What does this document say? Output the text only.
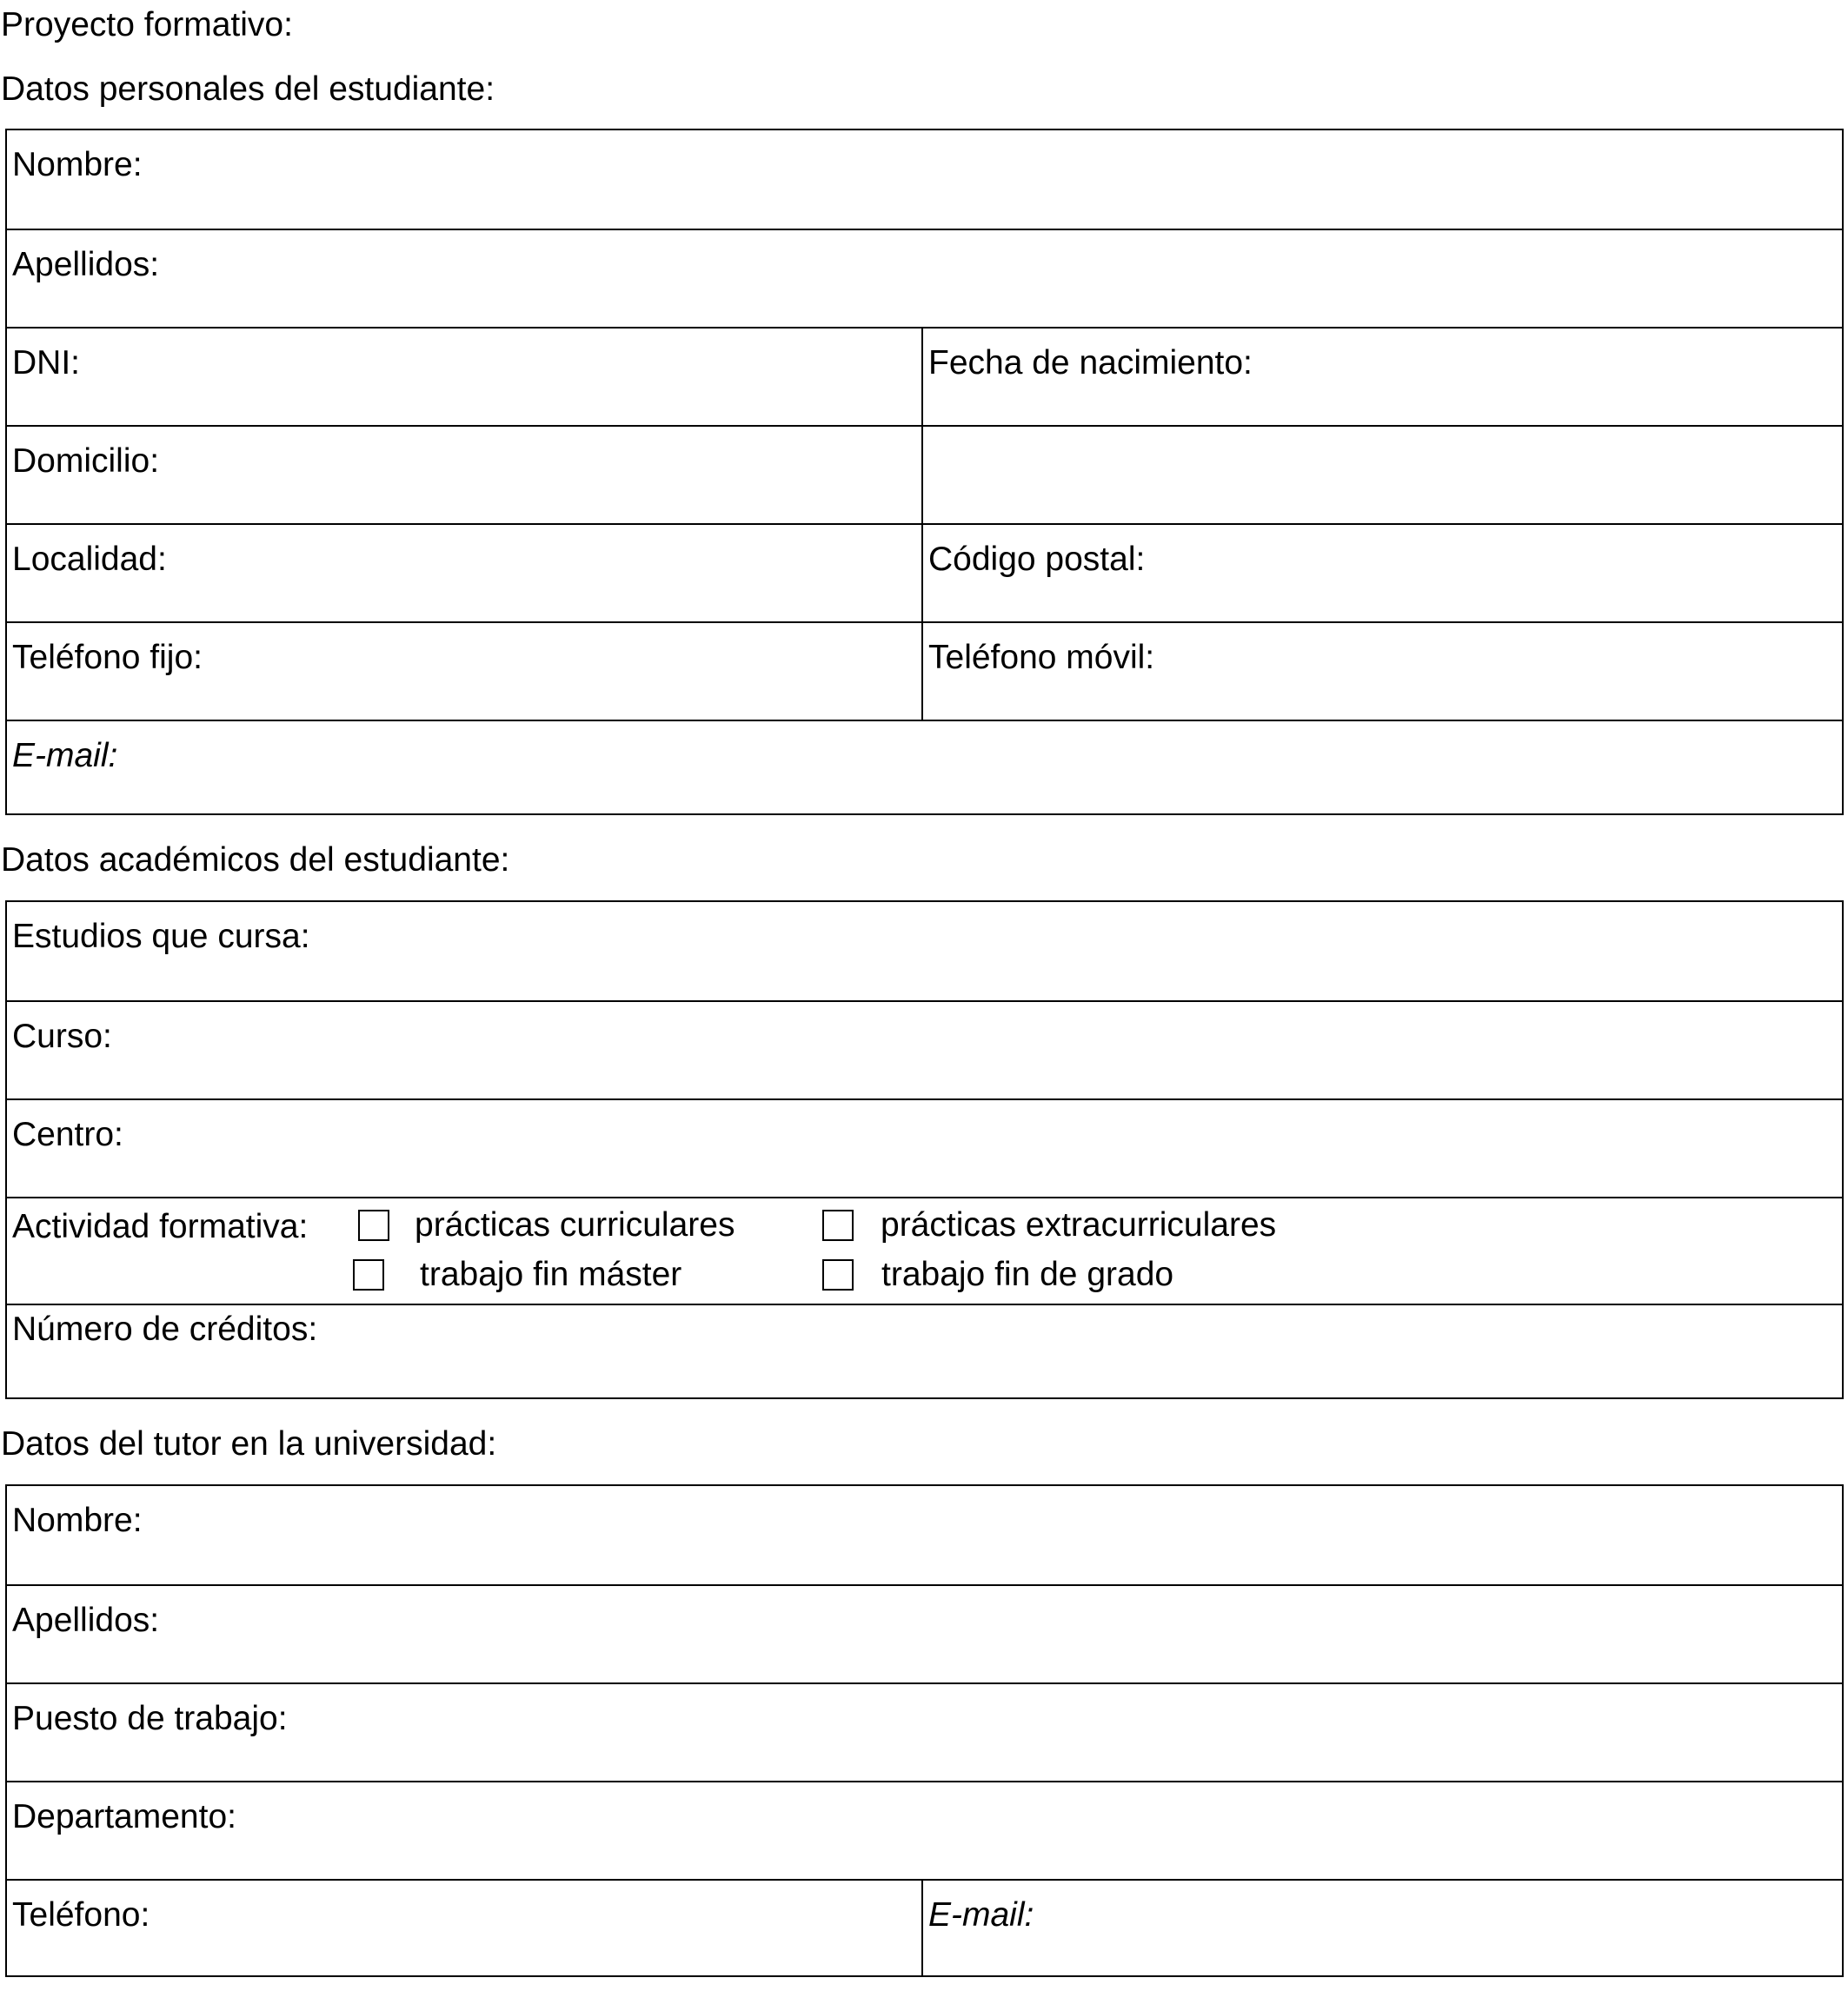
Proyecto formativo:
Datos personales del estudiante:
Nombre:
Apellidos:
DNI:	Fecha de nacimiento:
Domicilio:
Localidad:	Código postal:
Teléfono fijo:	Teléfono móvil:
E-mail:
Datos académicos del estudiante:
Estudios que cursa:
Curso:
Centro:
Actividad formativa:	prácticas curriculares	prácticas extracurriculares
trabajo fin máster	trabajo fin de grado
Número de créditos:
Datos del tutor en la universidad:
Nombre:
Apellidos:
Puesto de trabajo:
Departamento:
Teléfono:	E-mail:
